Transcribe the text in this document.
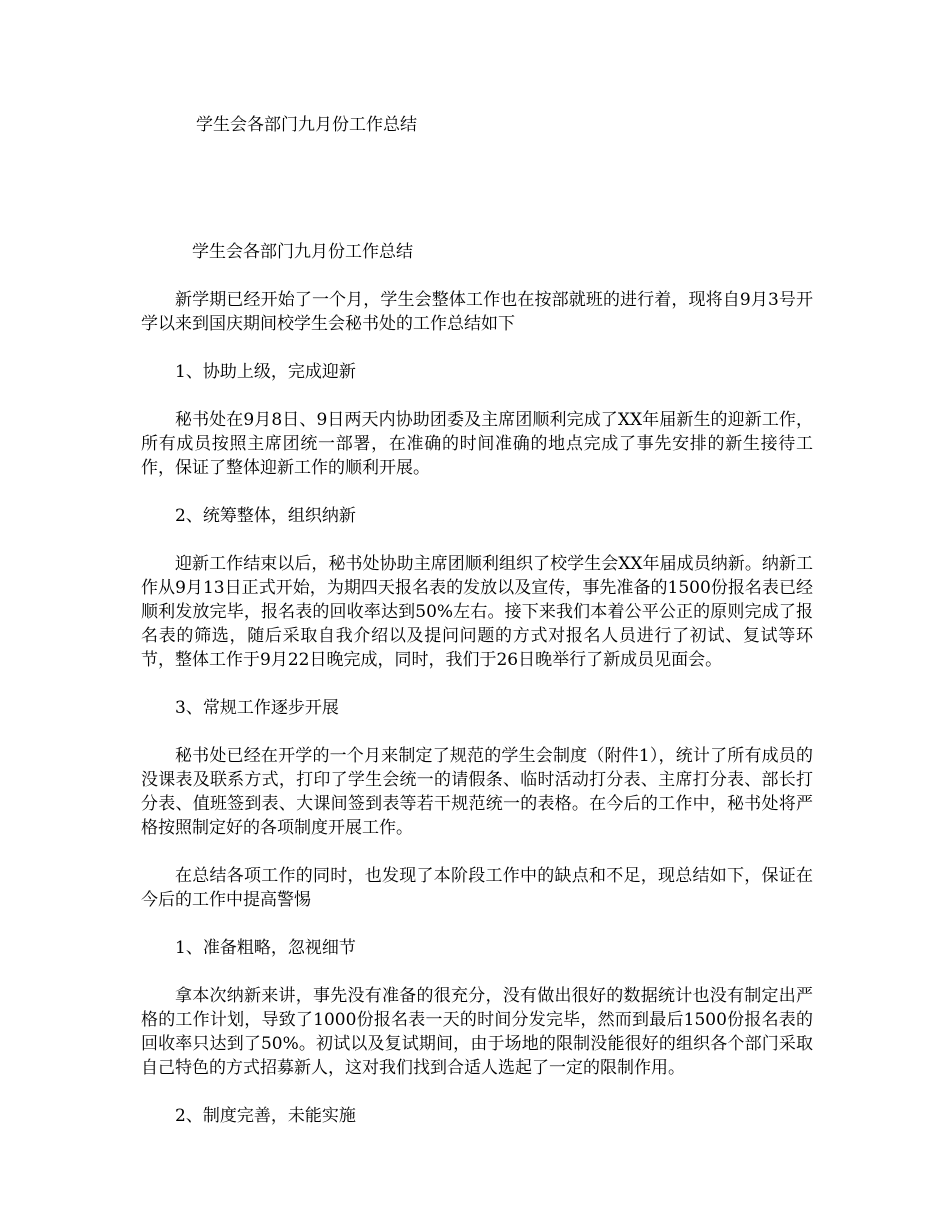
学生会各部门九月份工作总结

学生会各部门九月份工作总结

新学期已经开始了一个月，学生会整体工作也在按部就班的进行着，现将自9月3号开学以来到国庆期间校学生会秘书处的工作总结如下

1、协助上级，完成迎新

秘书处在9月8日、9日两天内协助团委及主席团顺利完成了XX年届新生的迎新工作，所有成员按照主席团统一部署，在准确的时间准确的地点完成了事先安排的新生接待工作，保证了整体迎新工作的顺利开展。

2、统筹整体，组织纳新

迎新工作结束以后，秘书处协助主席团顺利组织了校学生会XX年届成员纳新。纳新工作从9月13日正式开始，为期四天报名表的发放以及宣传，事先准备的1500份报名表已经顺利发放完毕，报名表的回收率达到50%左右。接下来我们本着公平公正的原则完成了报名表的筛选，随后采取自我介绍以及提问问题的方式对报名人员进行了初试、复试等环节，整体工作于9月22日晚完成，同时，我们于26日晚举行了新成员见面会。

3、常规工作逐步开展

秘书处已经在开学的一个月来制定了规范的学生会制度（附件1），统计了所有成员的没课表及联系方式，打印了学生会统一的请假条、临时活动打分表、主席打分表、部长打分表、值班签到表、大课间签到表等若干规范统一的表格。在今后的工作中，秘书处将严格按照制定好的各项制度开展工作。

在总结各项工作的同时，也发现了本阶段工作中的缺点和不足，现总结如下，保证在今后的工作中提高警惕

1、准备粗略，忽视细节

拿本次纳新来讲，事先没有准备的很充分，没有做出很好的数据统计也没有制定出严格的工作计划，导致了1000份报名表一天的时间分发完毕，然而到最后1500份报名表的回收率只达到了50%。初试以及复试期间，由于场地的限制没能很好的组织各个部门采取自己特色的方式招募新人，这对我们找到合适人选起了一定的限制作用。

2、制度完善，未能实施
